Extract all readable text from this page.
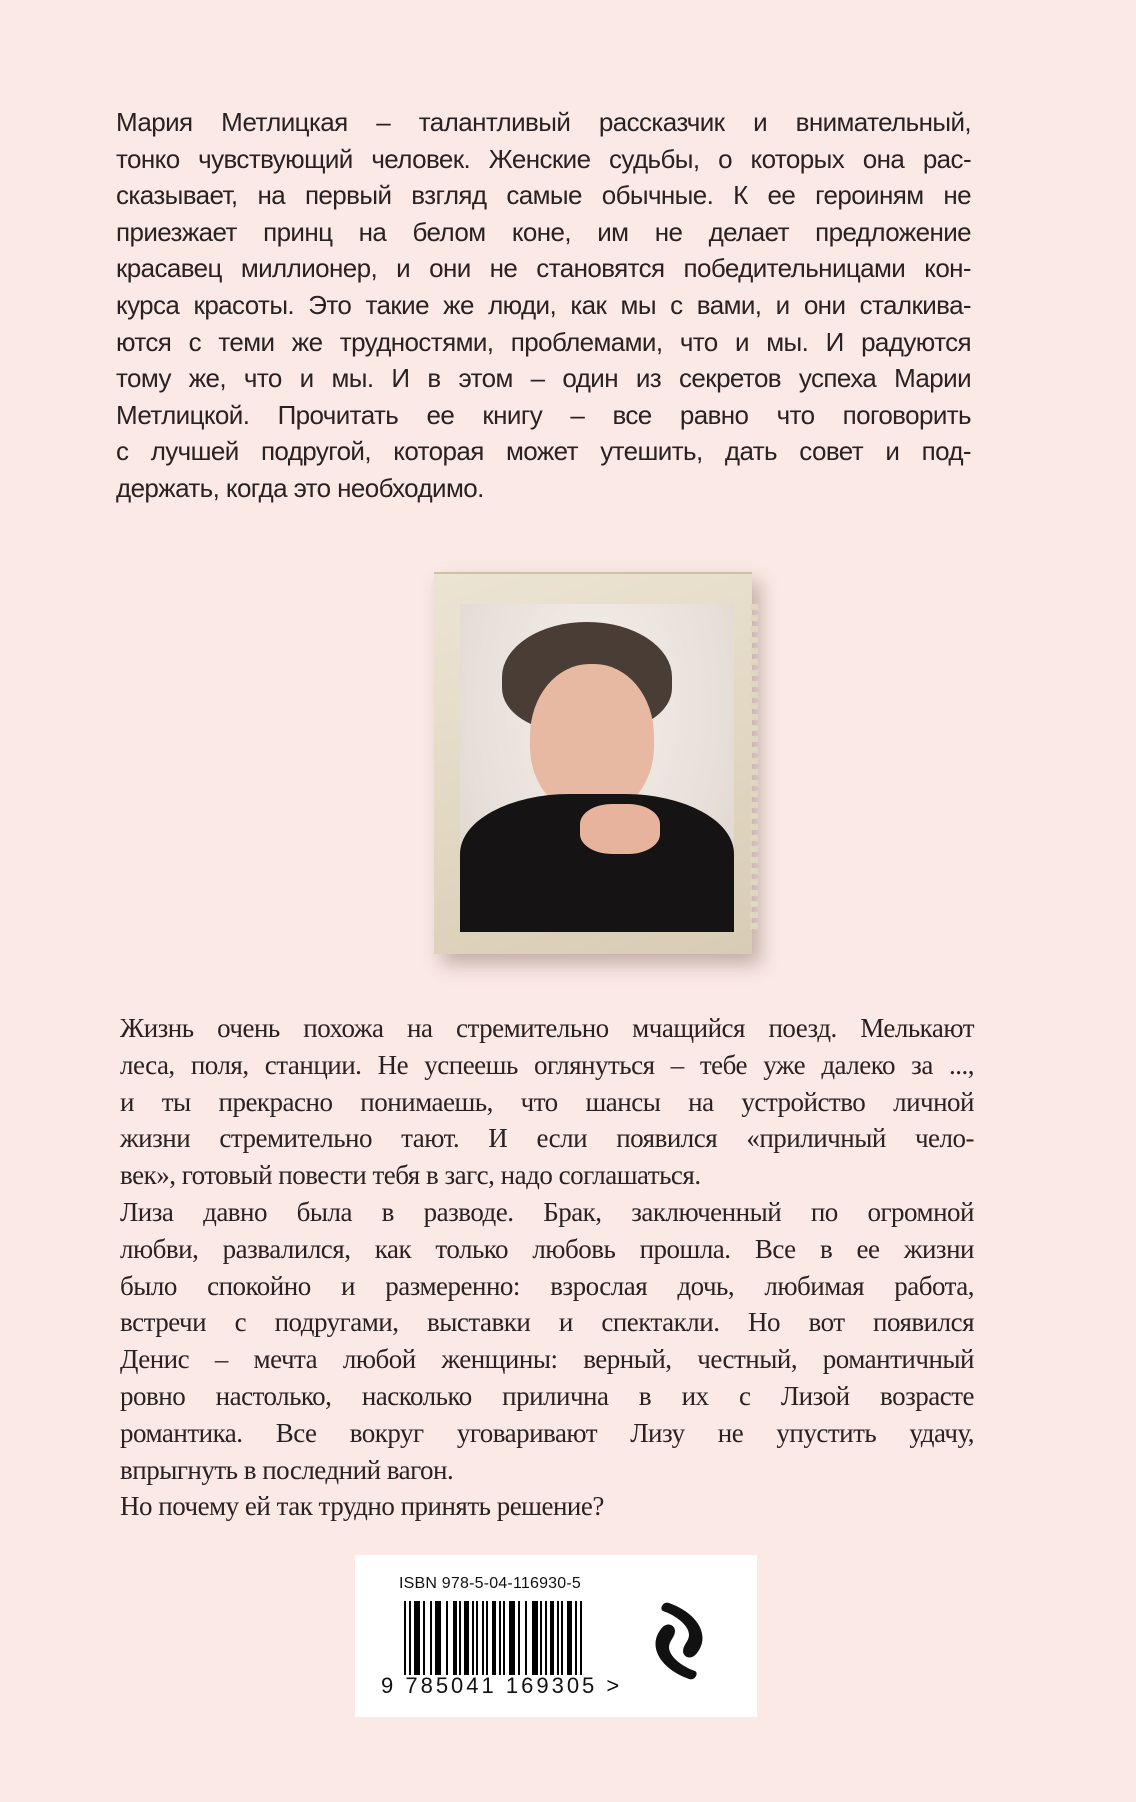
Мария Метлицкая – талантливый рассказчик и внимательный,

тонко чувствующий человек. Женские судьбы, о которых она рас-

сказывает, на первый взгляд самые обычные. К ее героиням не

приезжает принц на белом коне, им не делает предложение

красавец миллионер, и они не становятся победительницами кон-

курса красоты. Это такие же люди, как мы с вами, и они сталкива-

ются с теми же трудностями, проблемами, что и мы. И радуются

тому же, что и мы. И в этом – один из секретов успеха Марии

Метлицкой. Прочитать ее книгу – все равно что поговорить

с лучшей подругой, которая может утешить, дать совет и под-

держать, когда это необходимо.

Жизнь очень похожа на стремительно мчащийся поезд. Мелькают

леса, поля, станции. Не успеешь оглянуться – тебе уже далеко за ...,

и ты прекрасно понимаешь, что шансы на устройство личной

жизни стремительно тают. И если появился «приличный чело-

век», готовый повести тебя в загс, надо соглашаться.

Лиза давно была в разводе. Брак, заключенный по огромной

любви, развалился, как только любовь прошла. Все в ее жизни

было спокойно и размеренно: взрослая дочь, любимая работа,

встречи с подругами, выставки и спектакли. Но вот появился

Денис – мечта любой женщины: верный, честный, романтичный

ровно настолько, насколько прилична в их с Лизой возрасте

романтика. Все вокруг уговаривают Лизу не упустить удачу,

впрыгнуть в последний вагон.

Но почему ей так трудно принять решение?

ISBN 978-5-04-116930-5
9 785041 169305 >
